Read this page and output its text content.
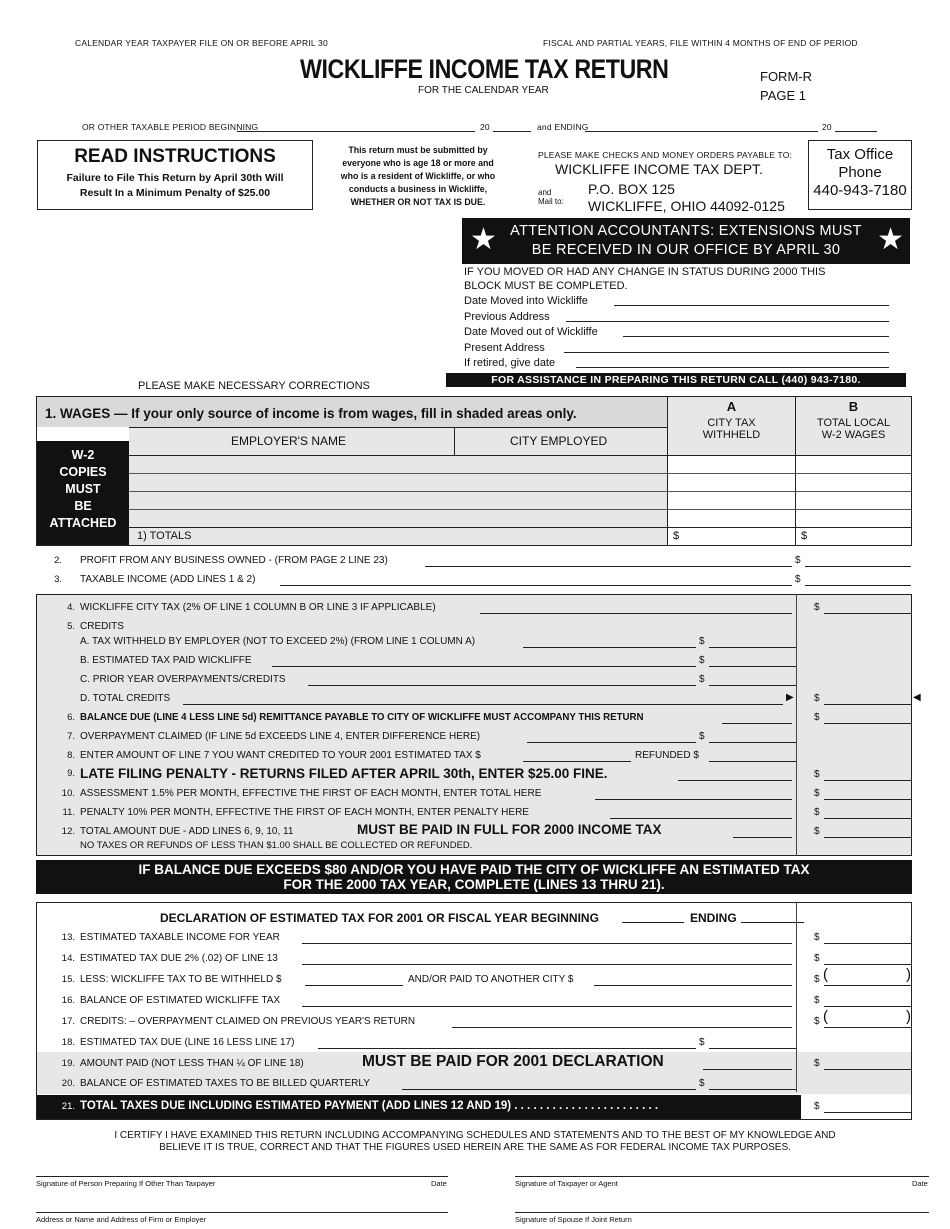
CALENDAR YEAR TAXPAYER FILE ON OR BEFORE APRIL 30	FISCAL AND PARTIAL YEARS, FILE WITHIN 4 MONTHS OF END OF PERIOD
WICKLIFFE INCOME TAX RETURN
FOR THE CALENDAR YEAR
FORM-R
PAGE 1
OR OTHER TAXABLE PERIOD BEGINNING	20	and ENDING	20
READ INSTRUCTIONS
Failure to File This Return by April 30th Will
Result In a Minimum Penalty of $25.00
This return must be submitted by
everyone who is age 18 or more and
who is a resident of Wickliffe, or who
conducts a business in Wickliffe,
WHETHER OR NOT TAX IS DUE.
PLEASE MAKE CHECKS AND MONEY ORDERS PAYABLE TO:
WICKLIFFE INCOME TAX DEPT.
and
Mail to:
P.O. BOX 125
WICKLIFFE, OHIO 44092-0125
Tax Office
Phone
440-943-7180
★	★
ATTENTION ACCOUNTANTS: EXTENSIONS MUST
BE RECEIVED IN OUR OFFICE BY APRIL 30
IF YOU MOVED OR HAD ANY CHANGE IN STATUS DURING 2000 THIS
BLOCK MUST BE COMPLETED.
Date Moved into Wickliffe
Previous Address
Date Moved out of Wickliffe
Present Address
If retired, give date
PLEASE MAKE NECESSARY CORRECTIONS	FOR ASSISTANCE IN PREPARING THIS RETURN CALL (440) 943-7180.
1. WAGES — If your only source of income is from wages, fill in shaded areas only.	A
CITY TAX
WITHHELD
B
TOTAL LOCAL
W-2 WAGES
W-2
COPIES
MUST
BE
ATTACHED
EMPLOYER'S NAME	CITY EMPLOYED
1) TOTALS	$	$
2. PROFIT FROM ANY BUSINESS OWNED - (FROM PAGE 2 LINE 23)	$
3. TAXABLE INCOME (ADD LINES 1 & 2)	$
4. WICKLIFFE CITY TAX (2% OF LINE 1 COLUMN B OR LINE 3 IF APPLICABLE)	$
5. CREDITS
A. TAX WITHHELD BY EMPLOYER (NOT TO EXCEED 2%) (FROM LINE 1 COLUMN A)	$
B. ESTIMATED TAX PAID WICKLIFFE	$
C. PRIOR YEAR OVERPAYMENTS/CREDITS	$
D. TOTAL CREDITS	▶ $	◀
6. BALANCE DUE (LINE 4 LESS LINE 5d) REMITTANCE PAYABLE TO CITY OF WICKLIFFE MUST ACCOMPANY THIS RETURN	$
7. OVERPAYMENT CLAIMED (IF LINE 5d EXCEEDS LINE 4, ENTER DIFFERENCE HERE)	$
8. ENTER AMOUNT OF LINE 7 YOU WANT CREDITED TO YOUR 2001 ESTIMATED TAX $	REFUNDED $
9. LATE FILING PENALTY - RETURNS FILED AFTER APRIL 30th, ENTER $25.00 FINE.	$
10. ASSESSMENT 1.5% PER MONTH, EFFECTIVE THE FIRST OF EACH MONTH, ENTER TOTAL HERE	$
11. PENALTY 10% PER MONTH, EFFECTIVE THE FIRST OF EACH MONTH, ENTER PENALTY HERE	$
12. TOTAL AMOUNT DUE - ADD LINES 6, 9, 10, 11	MUST BE PAID IN FULL FOR 2000 INCOME TAX	$
NO TAXES OR REFUNDS OF LESS THAN $1.00 SHALL BE COLLECTED OR REFUNDED.
IF BALANCE DUE EXCEEDS $80 AND/OR YOU HAVE PAID THE CITY OF WICKLIFFE AN ESTIMATED TAX
FOR THE 2000 TAX YEAR, COMPLETE (LINES 13 THRU 21).
DECLARATION OF ESTIMATED TAX FOR 2001 OR FISCAL YEAR BEGINNING	ENDING
13. ESTIMATED TAXABLE INCOME FOR YEAR	$
14. ESTIMATED TAX DUE 2% (.02) OF LINE 13	$
15. LESS: WICKLIFFE TAX TO BE WITHHELD $	AND/OR PAID TO ANOTHER CITY $	$ (	)
16. BALANCE OF ESTIMATED WICKLIFFE TAX	$
17. CREDITS: – OVERPAYMENT CLAIMED ON PREVIOUS YEAR'S RETURN	$ (	)
18. ESTIMATED TAX DUE (LINE 16 LESS LINE 17)	$
19. AMOUNT PAID (NOT LESS THAN ¼ OF LINE 18)	MUST BE PAID FOR 2001 DECLARATION	$
20. BALANCE OF ESTIMATED TAXES TO BE BILLED QUARTERLY	$
21. TOTAL TAXES DUE INCLUDING ESTIMATED PAYMENT (ADD LINES 12 AND 19) . . . . . . . . . . . . . . . . . . . . . . .	$
I CERTIFY I HAVE EXAMINED THIS RETURN INCLUDING ACCOMPANYING SCHEDULES AND STATEMENTS AND TO THE BEST OF MY KNOWLEDGE AND
BELIEVE IT IS TRUE, CORRECT AND THAT THE FIGURES USED HEREIN ARE THE SAME AS FOR FEDERAL INCOME TAX PURPOSES.
Signature of Person Preparing If Other Than Taxpayer	Date	Signature of Taxpayer or Agent	Date
Address or Name and Address of Firm or Employer	Signature of Spouse If Joint Return
